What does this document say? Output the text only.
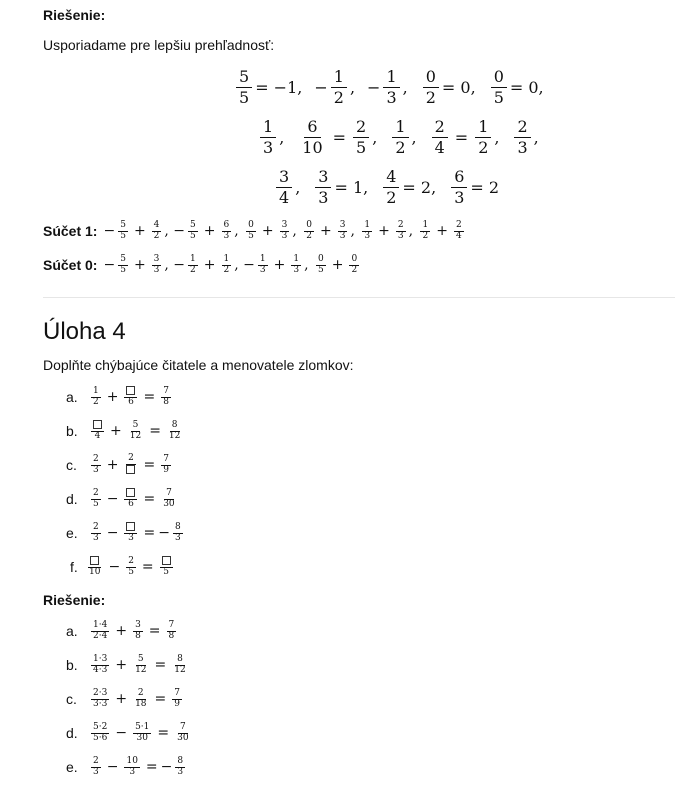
Riešenie:
Usporiadame pre lepšiu prehľadnosť:
$\frac{5}{5} = -1$, − $\frac{1}{2}$ , − $\frac{1}{3}$ , $\frac{0}{2} = 0$, $\frac{0}{5} = 0$,
1
3
, $\frac{6}{10} = \frac{2}{5}$ ,
1
2
, $\frac{2}{4} = \frac{1}{2}$ ,
2
3
,
3
4
, $\frac{3}{3} = 1$, $\frac{4}{2} = 2$, $\frac{6}{3} = 2$
Súčet 1: − 5
$5 + \frac{4}{2}$ , − 5
$5 + \frac{6}{3}$ , 0
$5 + \frac{3}{3}$ , 0
$2 + \frac{3}{3}$ , 1
$3 + \frac{2}{3}$ , 1
$2 + \frac{2}{4}$
Súčet 0: − 5
$5 + \frac{3}{3}$ , − 1
$2 + \frac{1}{2}$ , − 1
$3 + \frac{1}{3}$ , 0
$5 + \frac{0}{2}$
Úloha 4
Doplňte chýbajúce čitatele a menovatele zlomkov:
a.	1
$2 + 6 = \frac{7}{8}$
b.	$4 + \frac{5}{12} = \frac{8}{12}$
c.	2
$3 + 2 = \frac{7}{9}$
d.	2
$5 - 6 = \frac{7}{30}$
e.	2
3 − 3 = − $\frac{8}{3}$
f.	$10 - \frac{2}{5} = 5$
Riešenie:
a.	1·4
$2\cdot 4 + \frac{3}{8} = \frac{7}{8}$
b.	1·3
$4\cdot 3 + \frac{5}{12} = \frac{8}{12}$
c.	2·3
$3\cdot 3 + \frac{2}{18} = \frac{7}{9}$
d.	5·2
$5\cdot 6 - \frac{5\cdot 1}{30} = \frac{7}{30}$
e.	2
$3 - \frac{10}{3}$ = − $\frac{8}{3}$
